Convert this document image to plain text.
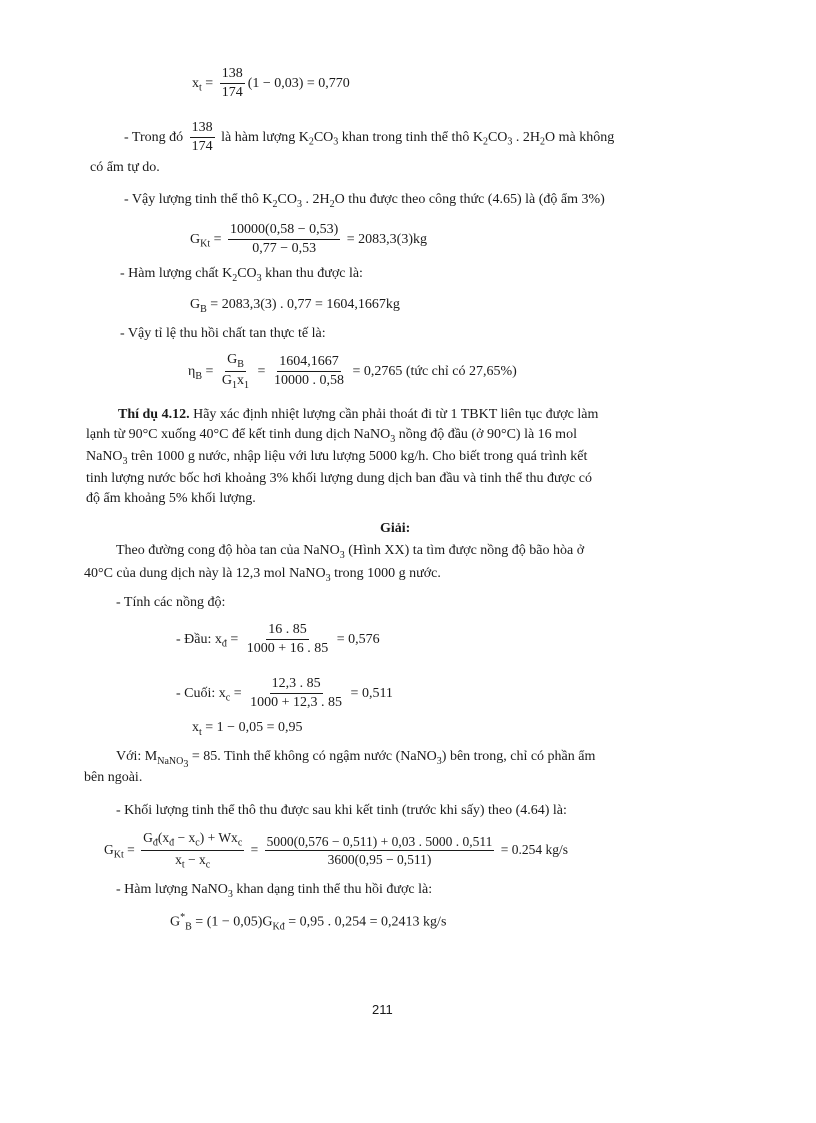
$x_t = \frac{138}{174} (1 - 0,03) = 0,770$
- Trong đó $\frac{138}{174}$ là hàm lượng $K_2CO_3$ khan trong tinh thể thô $K_2CO_3$ . $2H_2O$ mà không
có ẩm tự do.
- Vậy lượng tinh thể thô $K_2CO_3$ . $2H_2O$ thu được theo công thức (4.65) là (độ ẩm 3%)
$G_{Kt} = \frac{10000(0,58 - 0,53)}{0,77 - 0,53} = 2083,3(3)kg$
- Hàm lượng chất $K_2CO_3$ khan thu được là:
$G_B = 2083,3(3)$ . 0,77 = 1604,1667kg
- Vậy tỉ lệ thu hồi chất tan thực tế là:
$\eta_B = \frac{G_B}{G_1x_1} = \frac{1604,1667}{10000 . 0,58} = 0,2765$ (tức chỉ có 27,65%)
Thí dụ 4.12. Hãy xác định nhiệt lượng cần phải thoát đi từ 1 TBKT liên tục được làm
lạnh từ 90°C xuống 40°C để kết tinh dung dịch NaNO$_3$ nồng độ đầu (ở 90°C) là 16 mol
NaNO$_3$ trên 1000 g nước, nhập liệu với lưu lượng 5000 kg/h. Cho biết trong quá trình kết
tinh lượng nước bốc hơi khoảng 3% khối lượng dung dịch ban đầu và tinh thể thu được có
độ ẩm khoảng 5% khối lượng.
Giải:
Theo đường cong độ hòa tan của NaNO$_3$ (Hình XX) ta tìm được nồng độ bão hòa ở
40°C của dung dịch này là 12,3 mol NaNO$_3$ trong 1000 g nước.
- Tính các nồng độ:
- Đầu: $x_đ = \frac{16 . 85}{1000 + 16 . 85} = 0,576$
- Cuối: $x_c = \frac{12,3 . 85}{1000 + 12,3 . 85} = 0,511$
$x_t = 1 - 0,05 = 0,95$
Với: $M_{NaNO_3} = 85$. Tinh thể không có ngậm nước (NaNO$_3$) bên trong, chỉ có phần ẩm
bên ngoài.
- Khối lượng tinh thể thô thu được sau khi kết tinh (trước khi sấy) theo (4.64) là:
$G_{Kt} = \frac{G_đ(x_đ - x_c) + Wx_c}{x_t - x_c} = \frac{5000(0,576 - 0,511) + 0,03 . 5000 . 0,511}{3600(0,95 - 0,511)} = 0.254$ kg/s
- Hàm lượng NaNO$_3$ khan dạng tinh thể thu hồi được là:
$G^*_B = (1 - 0,05)G_{Kđ} = 0,95$ . 0,254 = 0,2413 kg/s
211
